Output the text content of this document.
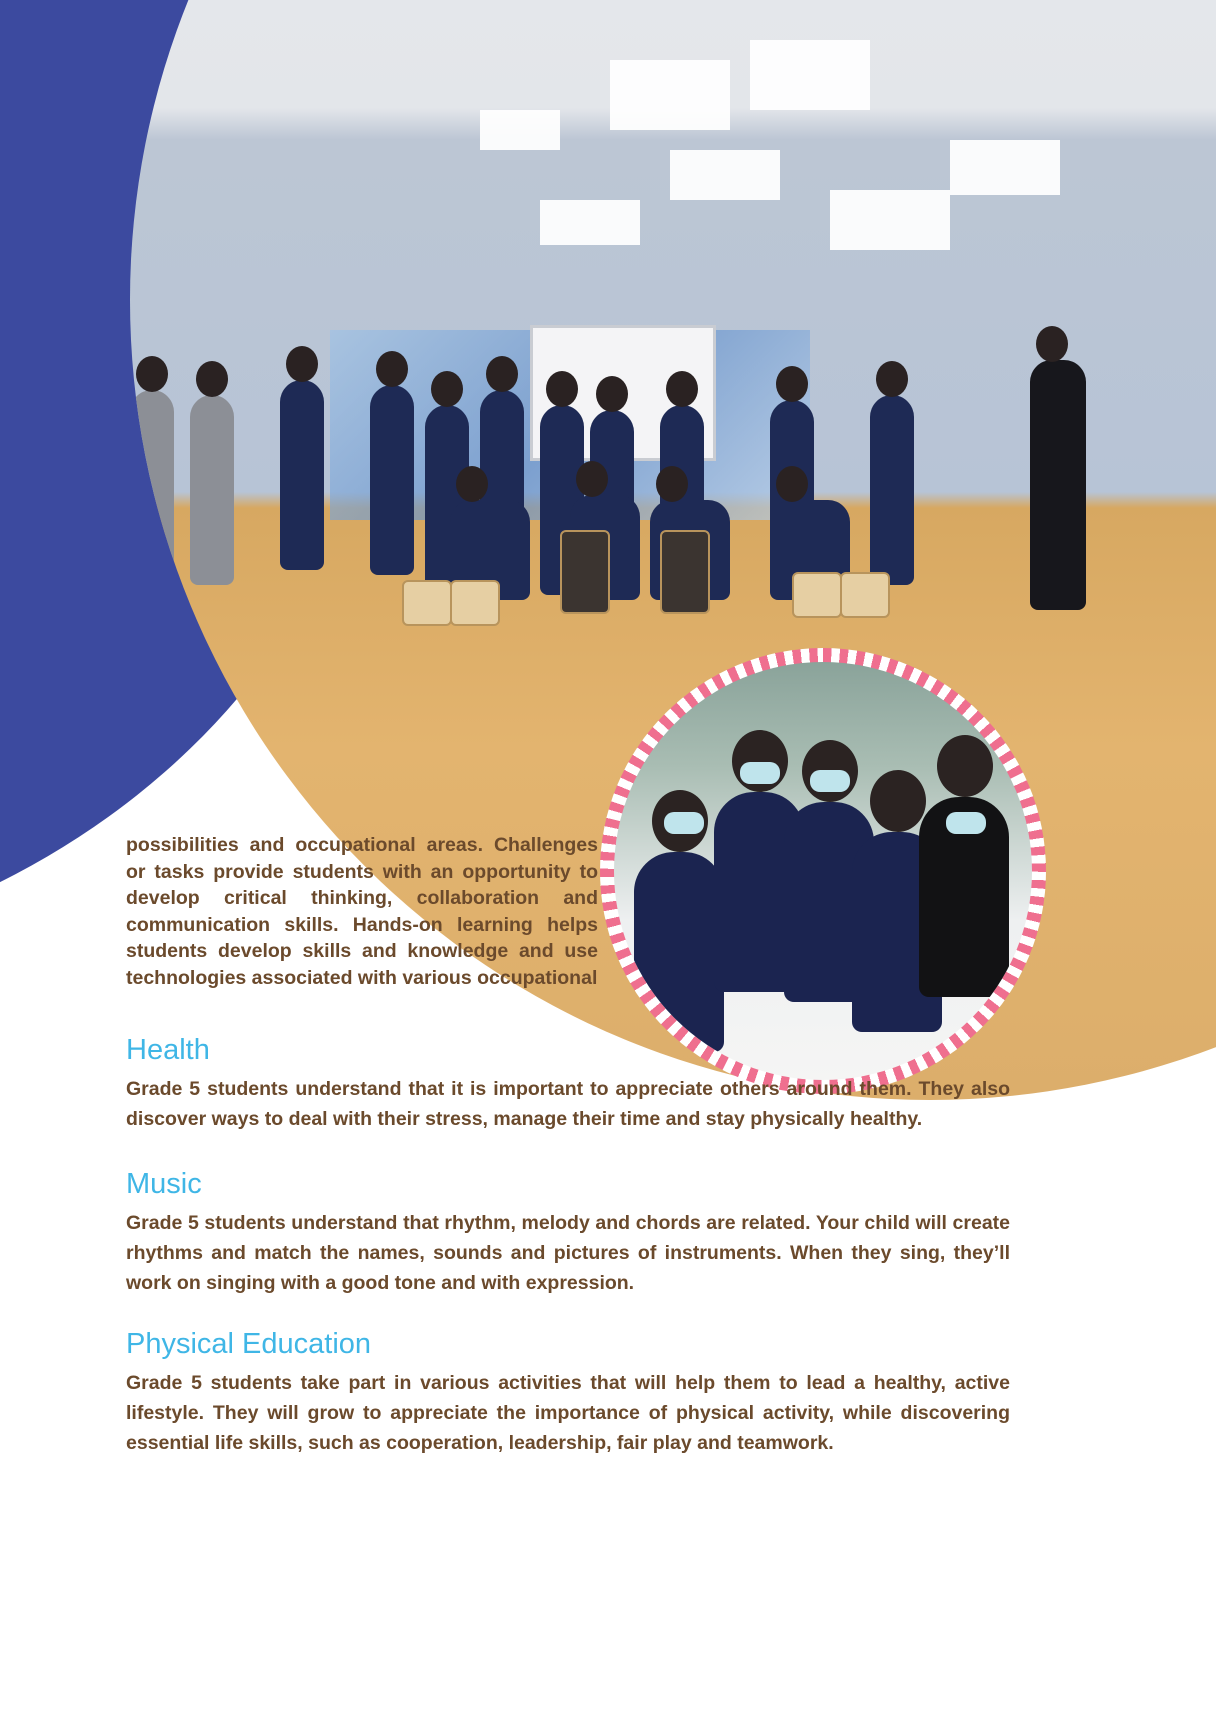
possibilities and occupational areas. Challenges or tasks provide students with an opportunity to develop critical thinking, collaboration and communication skills. Hands-on learning helps students develop skills and knowledge and use technologies associated with various occupational

Health

Grade 5 students understand that it is important to appreciate others around them. They also discover ways to deal with their stress, manage their time and stay physically healthy.

Music

Grade 5 students understand that rhythm, melody and chords are related. Your child will create rhythms and match the names, sounds and pictures of instruments. When they sing, they’ll work on singing with a good tone and with expression.

Physical Education

Grade 5 students take part in various activities that will help them to lead a healthy, active lifestyle. They will grow to appreciate the importance of physical activity, while discovering essential life skills, such as cooperation, leadership, fair play and teamwork.
